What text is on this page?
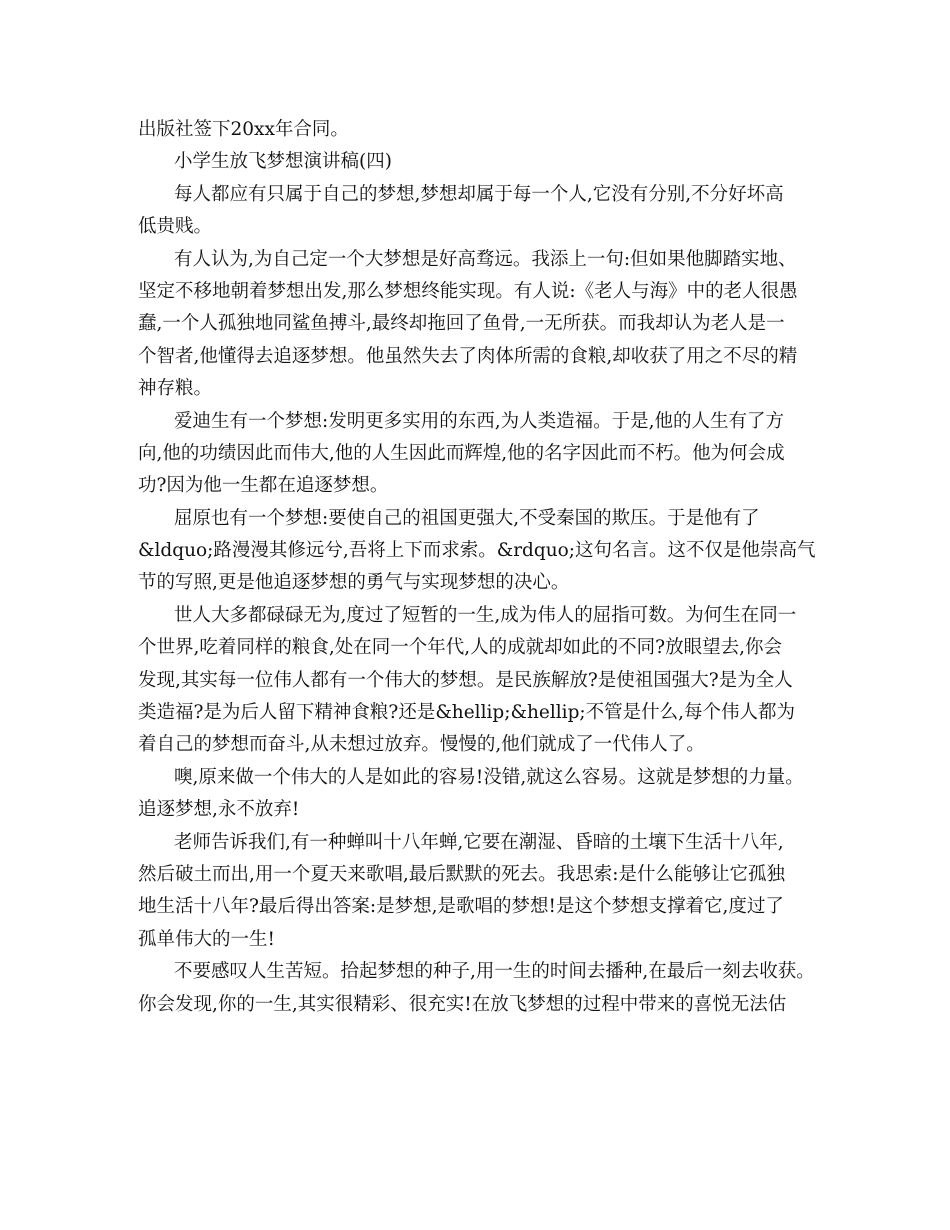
出版社签下20xx年合同。
小学生放飞梦想演讲稿(四)
每人都应有只属于自己的梦想,梦想却属于每一个人,它没有分别,不分好坏高
低贵贱。
有人认为,为自己定一个大梦想是好高骛远。我添上一句:但如果他脚踏实地、
坚定不移地朝着梦想出发,那么梦想终能实现。有人说:《老人与海》中的老人很愚
蠢,一个人孤独地同鲨鱼搏斗,最终却拖回了鱼骨,一无所获。而我却认为老人是一
个智者,他懂得去追逐梦想。他虽然失去了肉体所需的食粮,却收获了用之不尽的精
神存粮。
爱迪生有一个梦想:发明更多实用的东西,为人类造福。于是,他的人生有了方
向,他的功绩因此而伟大,他的人生因此而辉煌,他的名字因此而不朽。他为何会成
功?因为他一生都在追逐梦想。
屈原也有一个梦想:要使自己的祖国更强大,不受秦国的欺压。于是他有了
&ldquo;路漫漫其修远兮,吾将上下而求索。&rdquo;这句名言。这不仅是他崇高气
节的写照,更是他追逐梦想的勇气与实现梦想的决心。
世人大多都碌碌无为,度过了短暂的一生,成为伟人的屈指可数。为何生在同一
个世界,吃着同样的粮食,处在同一个年代,人的成就却如此的不同?放眼望去,你会
发现,其实每一位伟人都有一个伟大的梦想。是民族解放?是使祖国强大?是为全人
类造福?是为后人留下精神食粮?还是&hellip;&hellip;不管是什么,每个伟人都为
着自己的梦想而奋斗,从未想过放弃。慢慢的,他们就成了一代伟人了。
噢,原来做一个伟大的人是如此的容易!没错,就这么容易。这就是梦想的力量。
追逐梦想,永不放弃!
老师告诉我们,有一种蝉叫十八年蝉,它要在潮湿、昏暗的土壤下生活十八年,
然后破土而出,用一个夏天来歌唱,最后默默的死去。我思索:是什么能够让它孤独
地生活十八年?最后得出答案:是梦想,是歌唱的梦想!是这个梦想支撑着它,度过了
孤单伟大的一生!
不要感叹人生苦短。拾起梦想的种子,用一生的时间去播种,在最后一刻去收获。
你会发现,你的一生,其实很精彩、很充实!在放飞梦想的过程中带来的喜悦无法估
